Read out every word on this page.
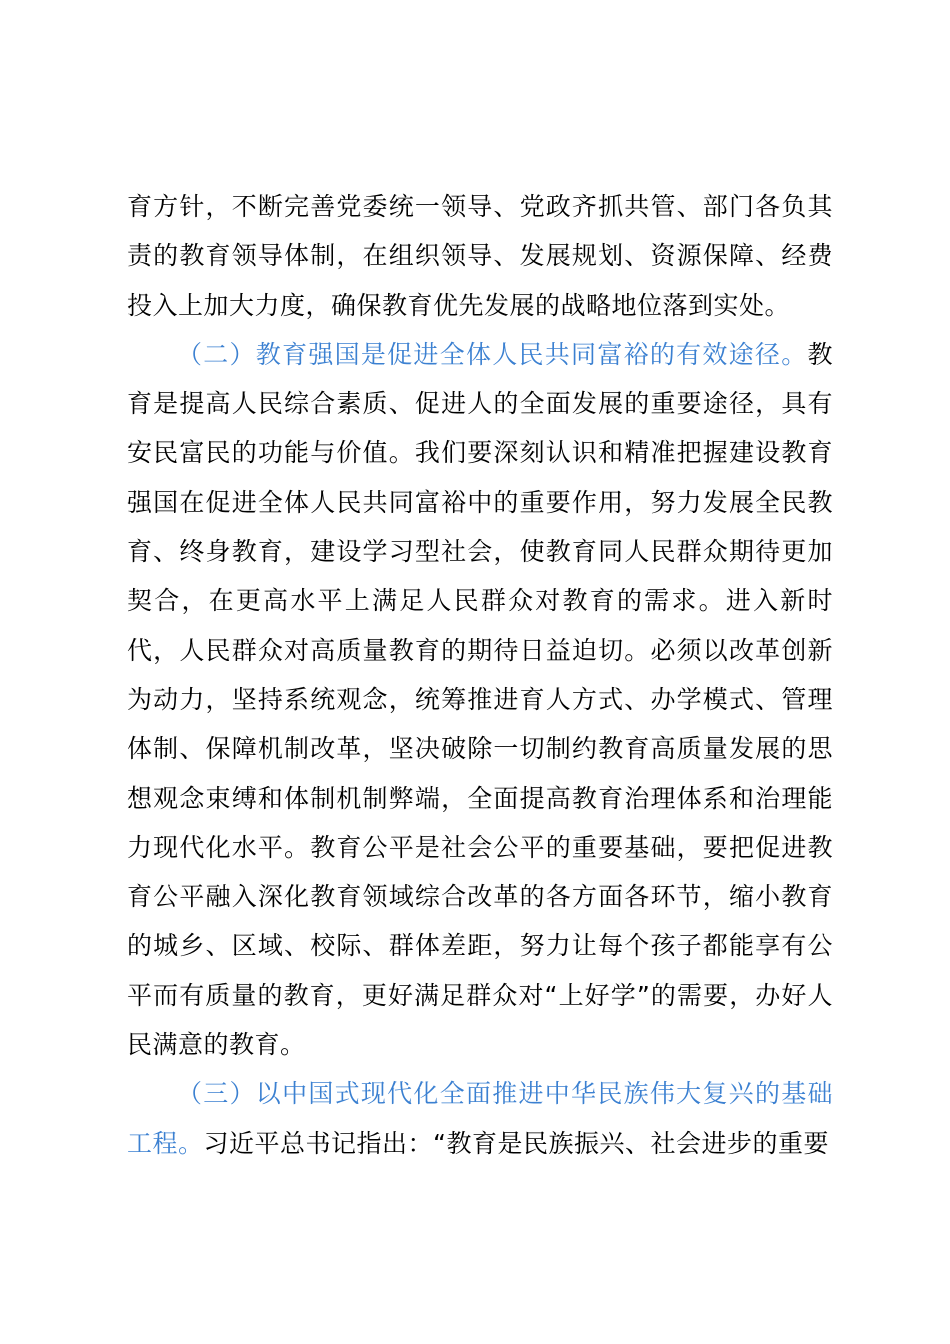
育方针，不断完善党委统一领导、党政齐抓共管、部门各负其责的教育领导体制，在组织领导、发展规划、资源保障、经费投入上加大力度，确保教育优先发展的战略地位落到实处。

（二）教育强国是促进全体人民共同富裕的有效途径。教育是提高人民综合素质、促进人的全面发展的重要途径，具有安民富民的功能与价值。我们要深刻认识和精准把握建设教育强国在促进全体人民共同富裕中的重要作用，努力发展全民教育、终身教育，建设学习型社会，使教育同人民群众期待更加契合，在更高水平上满足人民群众对教育的需求。进入新时代，人民群众对高质量教育的期待日益迫切。必须以改革创新为动力，坚持系统观念，统筹推进育人方式、办学模式、管理体制、保障机制改革，坚决破除一切制约教育高质量发展的思想观念束缚和体制机制弊端，全面提高教育治理体系和治理能力现代化水平。教育公平是社会公平的重要基础，要把促进教育公平融入深化教育领域综合改革的各方面各环节，缩小教育的城乡、区域、校际、群体差距，努力让每个孩子都能享有公平而有质量的教育，更好满足群众对“上好学”的需要，办好人民满意的教育。

（三）以中国式现代化全面推进中华民族伟大复兴的基础工程。习近平总书记指出：“教育是民族振兴、社会进步的重要
